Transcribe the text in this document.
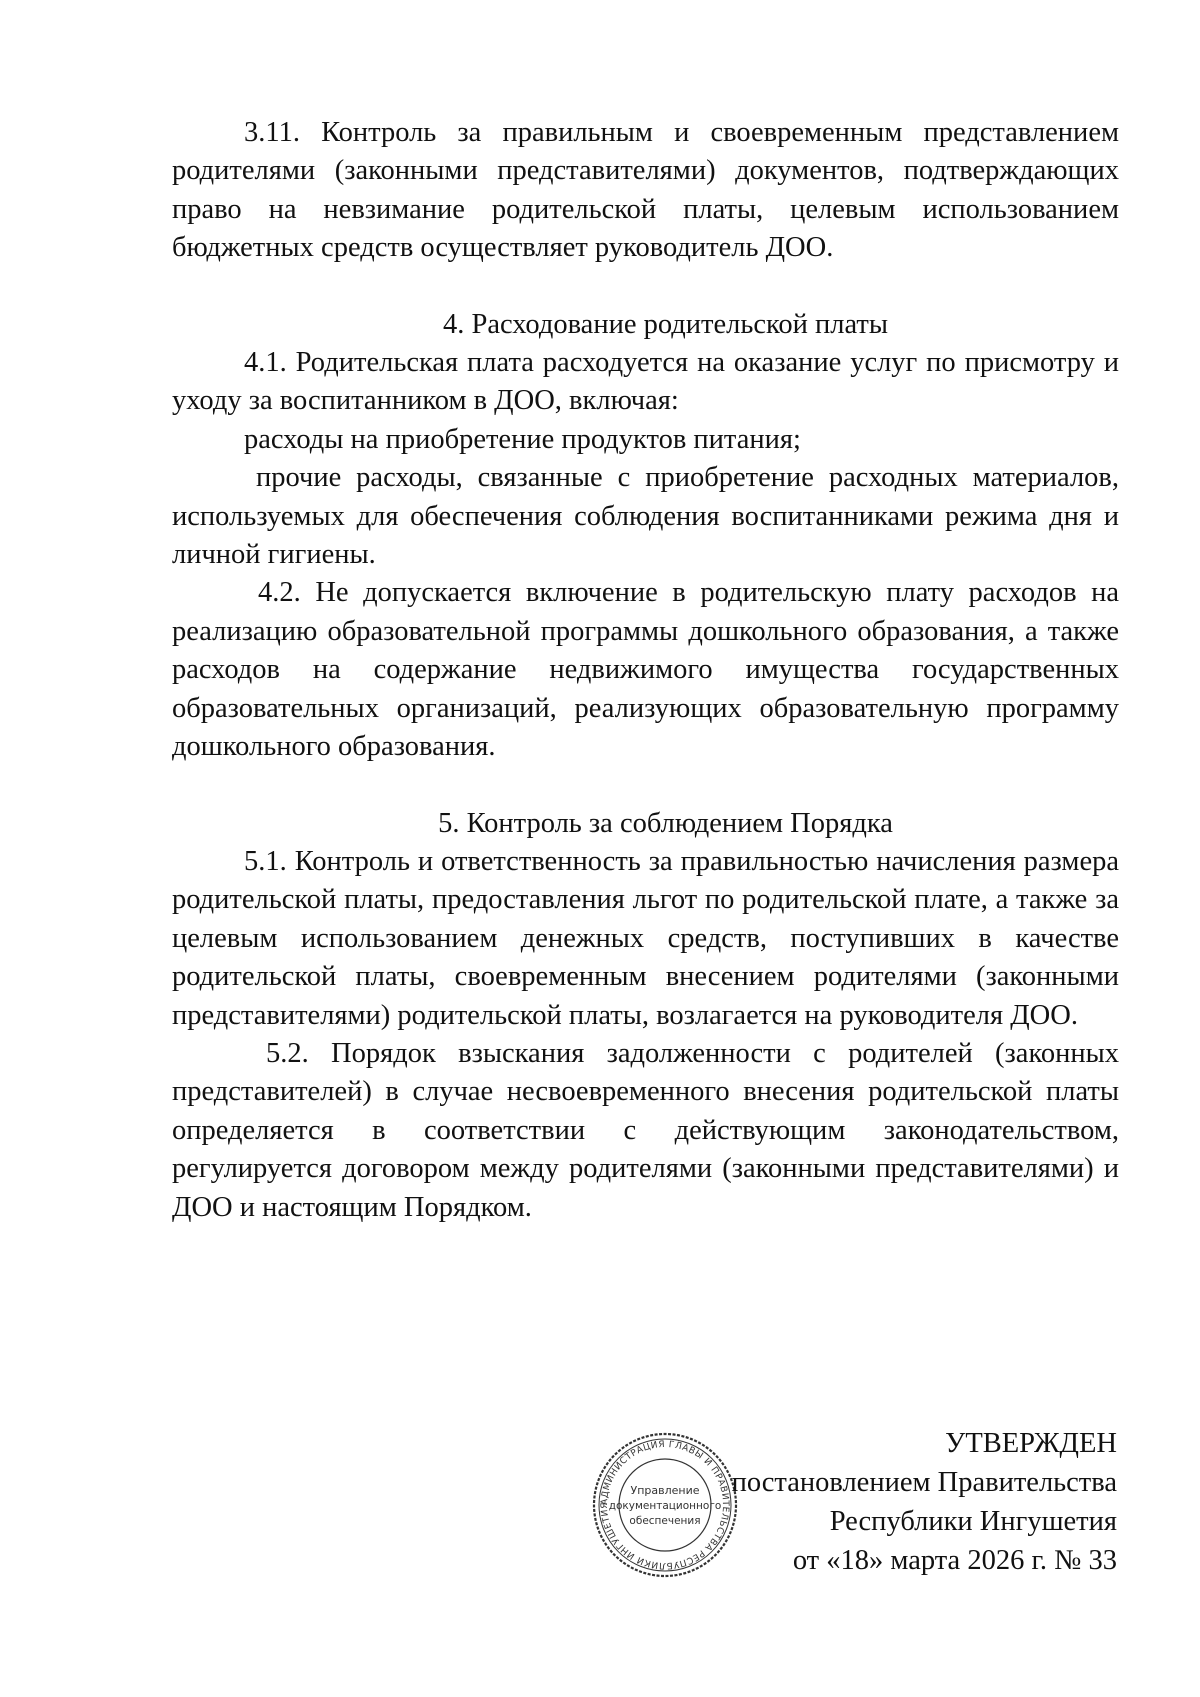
3.11. Контроль за правильным и своевременным представлением родителями (законными представителями) документов, подтверждающих право на невзимание родительской платы, целевым использованием бюджетных средств осуществляет руководитель ДОО.

4. Расходование родительской платы

4.1. Родительская плата расходуется на оказание услуг по присмотру и уходу за воспитанником в ДОО, включая:

расходы на приобретение продуктов питания;

прочие расходы, связанные с приобретение расходных материалов, используемых для обеспечения соблюдения воспитанниками режима дня и личной гигиены.

4.2. Не допускается включение в родительскую плату расходов на реализацию образовательной программы дошкольного образования, а также расходов на содержание недвижимого имущества государственных образовательных организаций, реализующих образовательную программу дошкольного образования.

5. Контроль за соблюдением Порядка

5.1. Контроль и ответственность за правильностью начисления размера родительской платы, предоставления льгот по родительской плате, а также за целевым использованием денежных средств, поступивших в качестве родительской платы, своевременным внесением родителями (законными представителями) родительской платы, возлагается на руководителя ДОО.

5.2. Порядок взыскания задолженности с родителей (законных представителей) в случае несвоевременного внесения родительской платы определяется в соответствии с действующим законодательством, регулируется договором между родителями (законными представителями) и ДОО и настоящим Порядком.

АДМИНИСТРАЦИЯ ГЛАВЫ И ПРАВИТЕЛЬСТВА РЕСПУБЛИКИ ИНГУШЕТИЯ
Управление
документационного
обеспечения
УТВЕРЖДЕН
постановлением Правительства
Республики Ингушетия
от «18» марта 2026 г. № 33
